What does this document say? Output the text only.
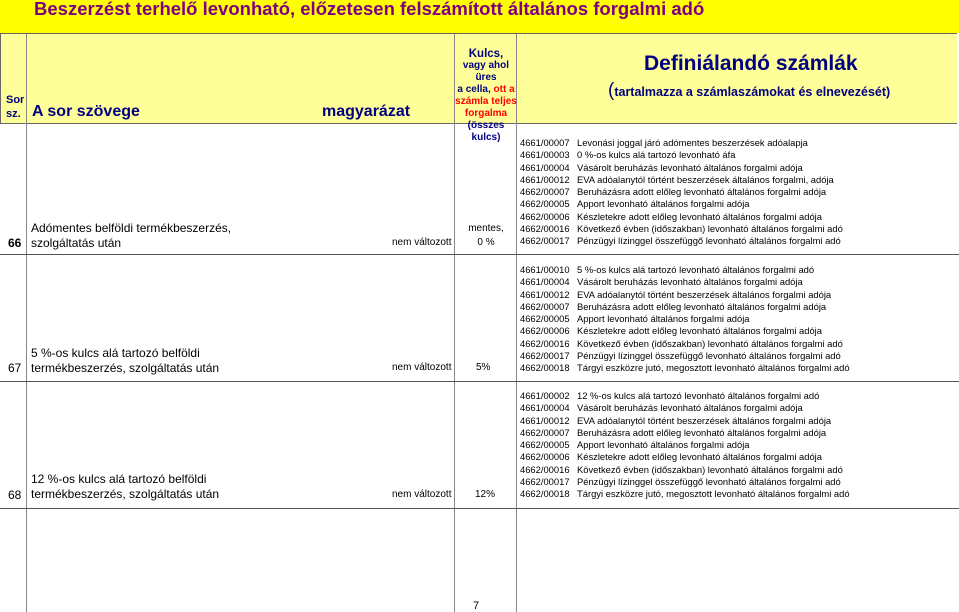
Beszerzést terhelő levonható, előzetesen felszámított általános forgalmi adó
Sor
sz. A sor szövege	magyarázat
Kulcs,
vagy ahol üres
a cella, ott a
számla teljes
forgalma
(összes kulcs)
Definiálandó számlák
(tartalmazza a számlaszámokat és elnevezését)
66
Adómentes belföldi termékbeszerzés,
szolgáltatás után	nem változott
mentes,
0 %
4661/00007 Levonási joggal járó adómentes beszerzések adóalapja
4661/00003 0 %-os kulcs alá tartozó levonható áfa
4661/00004 Vásárolt beruházás levonható általános forgalmi adója
4661/00012 EVA adóalanytól történt beszerzések általános forgalmi, adója
4662/00007 Beruházásra adott előleg levonható általános forgalmi adója
4662/00005 Apport levonható általános forgalmi adója
4662/00006 Készletekre adott előleg levonható általános forgalmi adója
4662/00016 Következő évben (időszakban) levonható általános forgalmi adó
4662/00017 Pénzügyi lízinggel összefüggő levonható általános forgalmi adó
67
5 %-os kulcs alá tartozó belföldi
termékbeszerzés, szolgáltatás után	nem változott 5%
4661/00010 5 %-os kulcs alá tartozó levonható általános forgalmi adó
4661/00004 Vásárolt beruházás levonható általános forgalmi adója
4661/00012 EVA adóalanytól történt beszerzések általános forgalmi adója
4662/00007 Beruházásra adott előleg levonható általános forgalmi adója
4662/00005 Apport levonható általános forgalmi adója
4662/00006 Készletekre adott előleg levonható általános forgalmi adója
4662/00016 Következő évben (időszakban) levonható általános forgalmi adó
4662/00017 Pénzügyi lízinggel összefüggő levonható általános forgalmi adó
4662/00018 Tárgyi eszközre jutó, megosztott levonható általános forgalmi adó
68
12 %-os kulcs alá tartozó belföldi
termékbeszerzés, szolgáltatás után	nem változott 12%
4661/00002 12 %-os kulcs alá tartozó levonható általános forgalmi adó
4661/00004 Vásárolt beruházás levonható általános forgalmi adója
4661/00012 EVA adóalanytól történt beszerzések általános forgalmi adója
4662/00007 Beruházásra adott előleg levonható általános forgalmi adója
4662/00005 Apport levonható általános forgalmi adója
4662/00006 Készletekre adott előleg levonható általános forgalmi adója
4662/00016 Következő évben (időszakban) levonható általános forgalmi adó
4662/00017 Pénzügyi lízinggel összefüggő levonható általános forgalmi adó
4662/00018 Tárgyi eszközre jutó, megosztott levonható általános forgalmi adó
7
